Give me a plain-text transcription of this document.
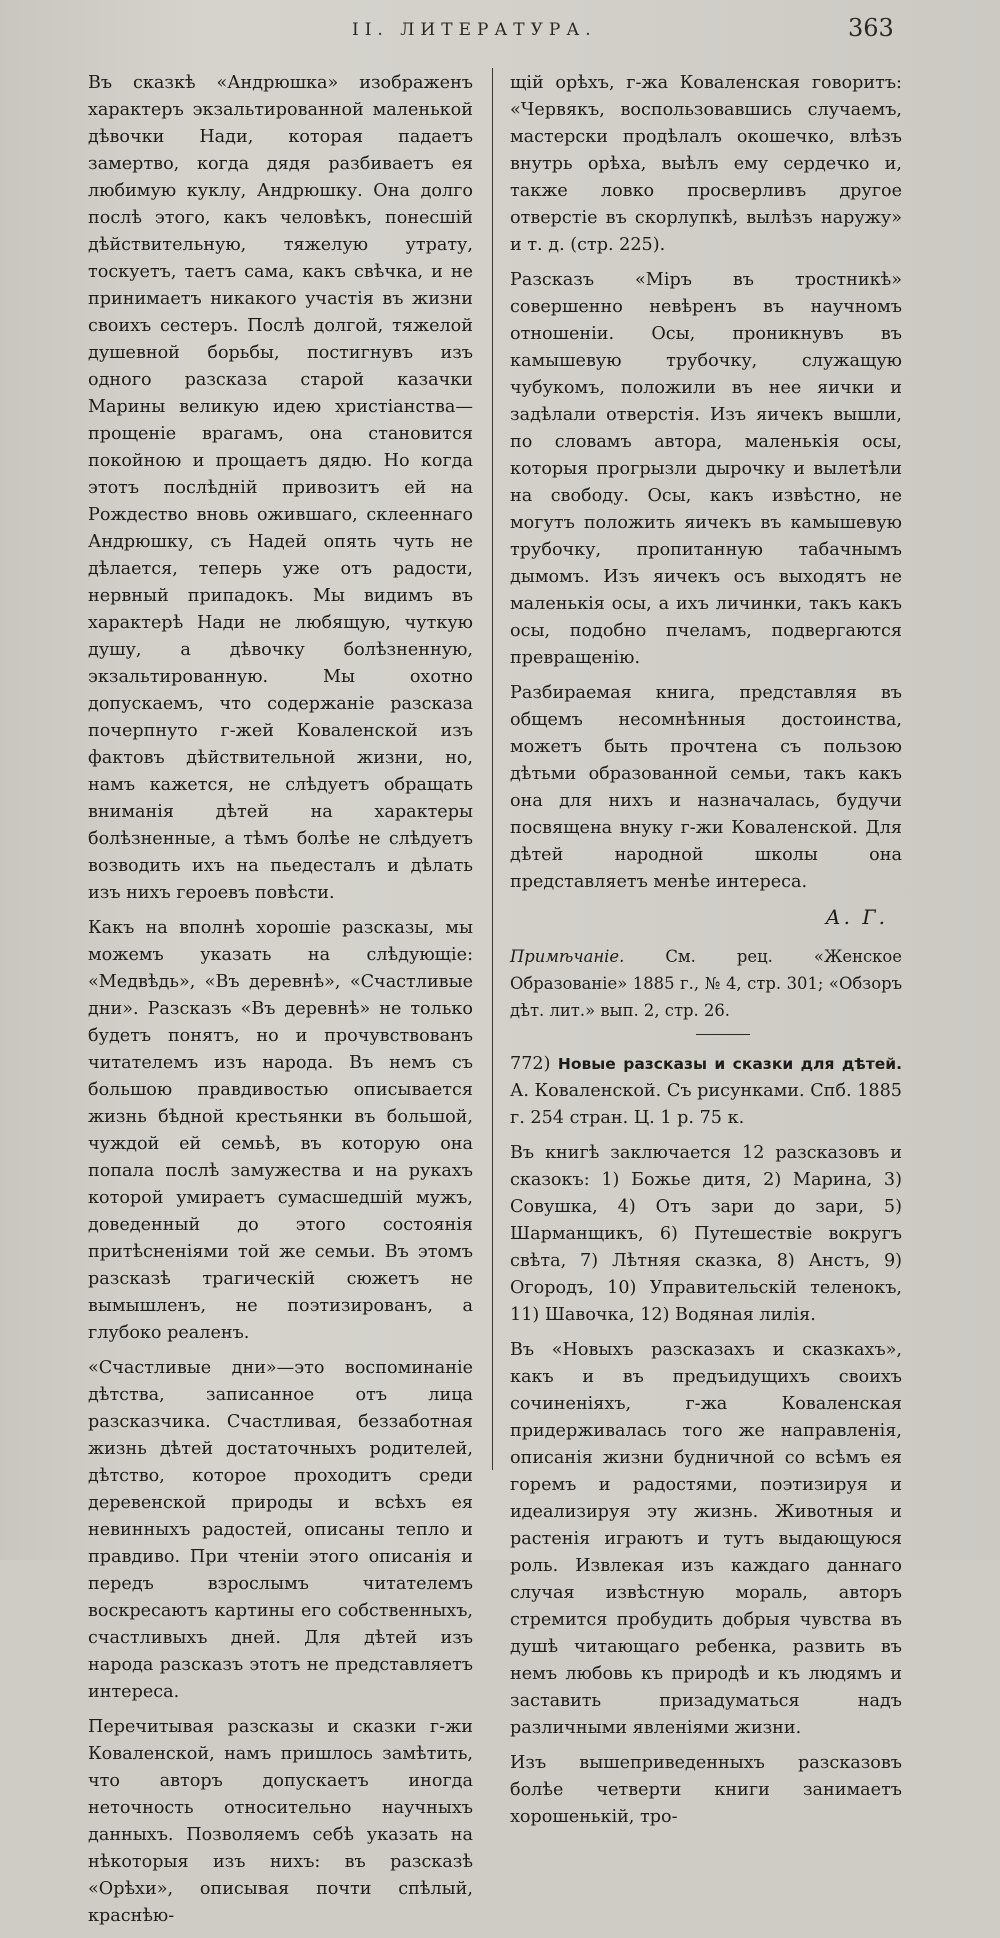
II. ЛИТЕРАТУРА.	363

Въ сказкѣ «Андрюшка» изображенъ характеръ экзальтированной маленькой дѣвочки Нади, которая падаетъ замертво, когда дядя разбиваетъ ея любимую куклу, Андрюшку. Она долго послѣ этого, какъ человѣкъ, понесшій дѣйствительную, тяжелую утрату, тоскуетъ, таетъ сама, какъ свѣчка, и не принимаетъ никакого участія въ жизни своихъ сестеръ. Послѣ долгой, тяжелой душевной борьбы, постигнувъ изъ одного разсказа старой казачки Марины великую идею христіанства—прощеніе врагамъ, она становится покойною и прощаетъ дядю. Но когда этотъ послѣдній привозитъ ей на Рождество вновь ожившаго, склееннаго Андрюшку, съ Надей опять чуть не дѣлается, теперь уже отъ радости, нервный припадокъ. Мы видимъ въ характерѣ Нади не любящую, чуткую душу, а дѣвочку болѣзненную, экзальтированную. Мы охотно допускаемъ, что содержаніе разсказа почерпнуто г-жей Коваленской изъ фактовъ дѣйствительной жизни, но, намъ кажется, не слѣдуетъ обращать вниманія дѣтей на характеры болѣзненные, а тѣмъ болѣе не слѣдуетъ возводить ихъ на пьедесталъ и дѣлать изъ нихъ героевъ повѣсти.

Какъ на вполнѣ хорошіе разсказы, мы можемъ указать на слѣдующіе: «Медвѣдь», «Въ деревнѣ», «Счастливые дни». Разсказъ «Въ деревнѣ» не только будетъ понятъ, но и прочувствованъ читателемъ изъ народа. Въ немъ съ большою правдивостью описывается жизнь бѣдной крестьянки въ большой, чуждой ей семьѣ, въ которую она попала послѣ замужества и на рукахъ которой умираетъ сумасшедшій мужъ, доведенный до этого состоянія притѣсненіями той же семьи. Въ этомъ разсказѣ трагическій сюжетъ не вымышленъ, не поэтизированъ, а глубоко реаленъ.

«Счастливые дни»—это воспоминаніе дѣтства, записанное отъ лица разсказчика. Счастливая, беззаботная жизнь дѣтей достаточныхъ родителей, дѣтство, которое проходитъ среди деревенской природы и всѣхъ ея невинныхъ радостей, описаны тепло и правдиво. При чтеніи этого описанія и передъ взрослымъ читателемъ воскресаютъ картины его собственныхъ, счастливыхъ дней. Для дѣтей изъ народа разсказъ этотъ не представляетъ интереса.

Перечитывая разсказы и сказки г-жи Коваленской, намъ пришлось замѣтить, что авторъ допускаетъ иногда неточность относительно научныхъ данныхъ. Позволяемъ себѣ указать на нѣкоторыя изъ нихъ: въ разсказѣ «Орѣхи», описывая почти спѣлый, краснѣю-

щій орѣхъ, г-жа Коваленская говоритъ: «Червякъ, воспользовавшись случаемъ, мастерски продѣлалъ окошечко, влѣзъ внутрь орѣха, выѣлъ ему сердечко и, также ловко просверливъ другое отверстіе въ скорлупкѣ, вылѣзъ наружу» и т. д. (стр. 225).

Разсказъ «Міръ въ тростникѣ» совершенно невѣренъ въ научномъ отношеніи. Осы, проникнувъ въ камышевую трубочку, служащую чубукомъ, положили въ нее яички и задѣлали отверстія. Изъ яичекъ вышли, по словамъ автора, маленькія осы, которыя прогрызли дырочку и вылетѣли на свободу. Осы, какъ извѣстно, не могутъ положить яичекъ въ камышевую трубочку, пропитанную табачнымъ дымомъ. Изъ яичекъ осъ выходятъ не маленькія осы, а ихъ личинки, такъ какъ осы, подобно пчеламъ, подвергаются превращенію.

Разбираемая книга, представляя въ общемъ несомнѣнныя достоинства, можетъ быть прочтена съ пользою дѣтьми образованной семьи, такъ какъ она для нихъ и назначалась, будучи посвящена внуку г-жи Коваленской. Для дѣтей народной школы она представляетъ менѣе интереса.

А. Г.

Примѣчаніе. См. рец. «Женское Образованіе» 1885 г., № 4, стр. 301; «Обзоръ дѣт. лит.» вып. 2, стр. 26.

772) Новые разсказы и сказки для дѣтей. А. Коваленской. Съ рисунками. Спб. 1885 г. 254 стран. Ц. 1 р. 75 к.

Въ книгѣ заключается 12 разсказовъ и сказокъ: 1) Божье дитя, 2) Марина, 3) Совушка, 4) Отъ зари до зари, 5) Шарманщикъ, 6) Путешествіе вокругъ свѣта, 7) Лѣтняя сказка, 8) Анстъ, 9) Огородъ, 10) Управительскій теленокъ, 11) Шавочка, 12) Водяная лилія.

Въ «Новыхъ разсказахъ и сказкахъ», какъ и въ предъидущихъ своихъ сочиненіяхъ, г-жа Коваленская придерживалась того же направленія, описанія жизни будничной со всѣмъ ея горемъ и радостями, поэтизируя и идеализируя эту жизнь. Животныя и растенія играютъ и тутъ выдающуюся роль. Извлекая изъ каждаго даннаго случая извѣстную мораль, авторъ стремится пробудить добрыя чувства въ душѣ читающаго ребенка, развить въ немъ любовь къ природѣ и къ людямъ и заставить призадуматься надъ различными явленіями жизни.

Изъ вышеприведенныхъ разсказовъ болѣе четверти книги занимаетъ хорошенькій, тро-
